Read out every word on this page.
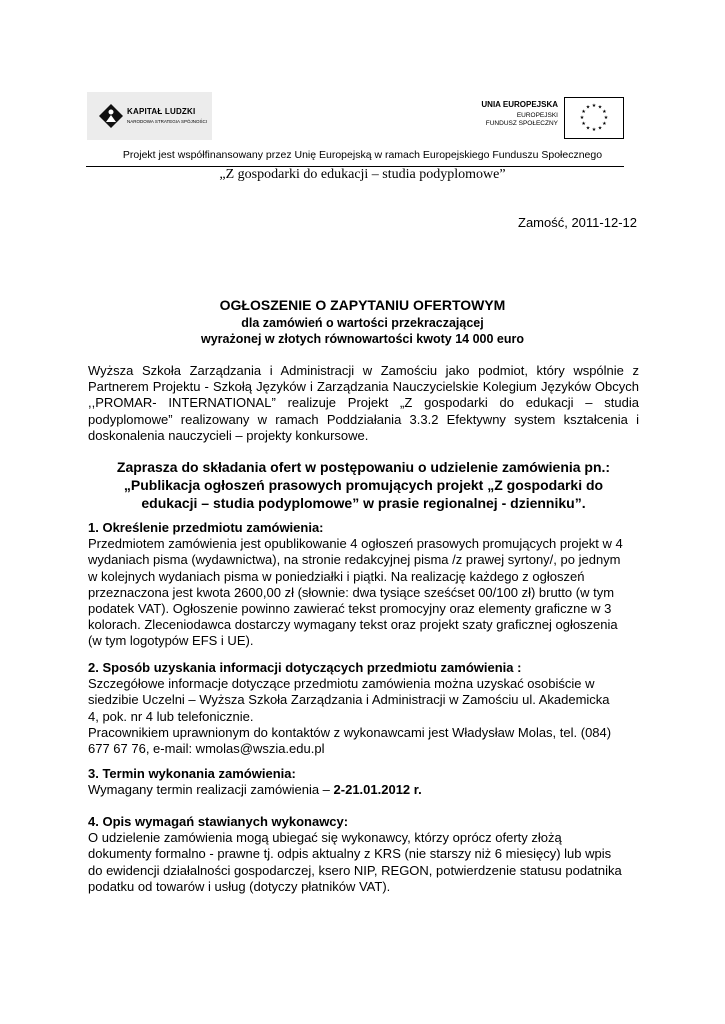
KAPITAŁ LUDZKI
NARODOWA STRATEGIA SPÓJNOŚCI
UNIA EUROPEJSKA
EUROPEJSKI
FUNDUSZ SPOŁECZNY
★ ★
★
★
★
★
★
★
★
★
★
★
Projekt jest współfinansowany przez Unię Europejską w ramach Europejskiego Funduszu Społecznego
„Z gospodarki do edukacji – studia podyplomowe”
Zamość, 2011-12-12
OGŁOSZENIE O ZAPYTANIU OFERTOWYM
dla zamówień o wartości przekraczającej
wyrażonej w złotych równowartości kwoty 14 000 euro
Wyższa Szkoła Zarządzania i Administracji w Zamościu jako podmiot, który wspólnie z Partnerem Projektu - Szkołą Języków i Zarządzania Nauczycielskie Kolegium Języków Obcych ,,PROMAR- INTERNATIONAL” realizuje Projekt „Z gospodarki do edukacji – studia podyplomowe” realizowany w ramach Poddziałania 3.3.2 Efektywny system kształcenia i doskonalenia nauczycieli – projekty konkursowe.
Zaprasza do składania ofert w postępowaniu o udzielenie zamówienia pn.:
„Publikacja ogłoszeń prasowych promujących projekt „Z gospodarki do
edukacji – studia podyplomowe” w prasie regionalnej - dzienniku”.
1. Określenie przedmiotu zamówienia:

Przedmiotem zamówienia jest opublikowanie 4 ogłoszeń prasowych promujących projekt w 4

wydaniach pisma (wydawnictwa), na stronie redakcyjnej pisma /z prawej syrtony/, po jednym

w kolejnych wydaniach pisma w poniedziałki i piątki. Na realizację każdego z ogłoszeń

przeznaczona jest kwota 2600,00 zł (słownie: dwa tysiące sześćset 00/100 zł) brutto (w tym

podatek VAT). Ogłoszenie powinno zawierać tekst promocyjny oraz elementy graficzne w 3

kolorach. Zleceniodawca dostarczy wymagany tekst oraz projekt szaty graficznej ogłoszenia

(w tym logotypów EFS i UE).

2. Sposób uzyskania informacji dotyczących przedmiotu zamówienia :

Szczegółowe informacje dotyczące przedmiotu zamówienia można uzyskać osobiście w

siedzibie Uczelni – Wyższa Szkoła Zarządzania i Administracji w Zamościu ul. Akademicka

4, pok. nr 4 lub telefonicznie.

Pracownikiem uprawnionym do kontaktów z wykonawcami jest Władysław Molas, tel. (084)

677 67 76, e-mail: wmolas@wszia.edu.pl

3. Termin wykonania zamówienia:

Wymagany termin realizacji zamówienia – 2-21.01.2012 r.

4. Opis wymagań stawianych wykonawcy:

O udzielenie zamówienia mogą ubiegać się wykonawcy, którzy oprócz oferty złożą

dokumenty formalno - prawne tj. odpis aktualny z KRS (nie starszy niż 6 miesięcy) lub wpis

do ewidencji działalności gospodarczej, ksero NIP, REGON, potwierdzenie statusu podatnika

podatku od towarów i usług (dotyczy płatników VAT).
